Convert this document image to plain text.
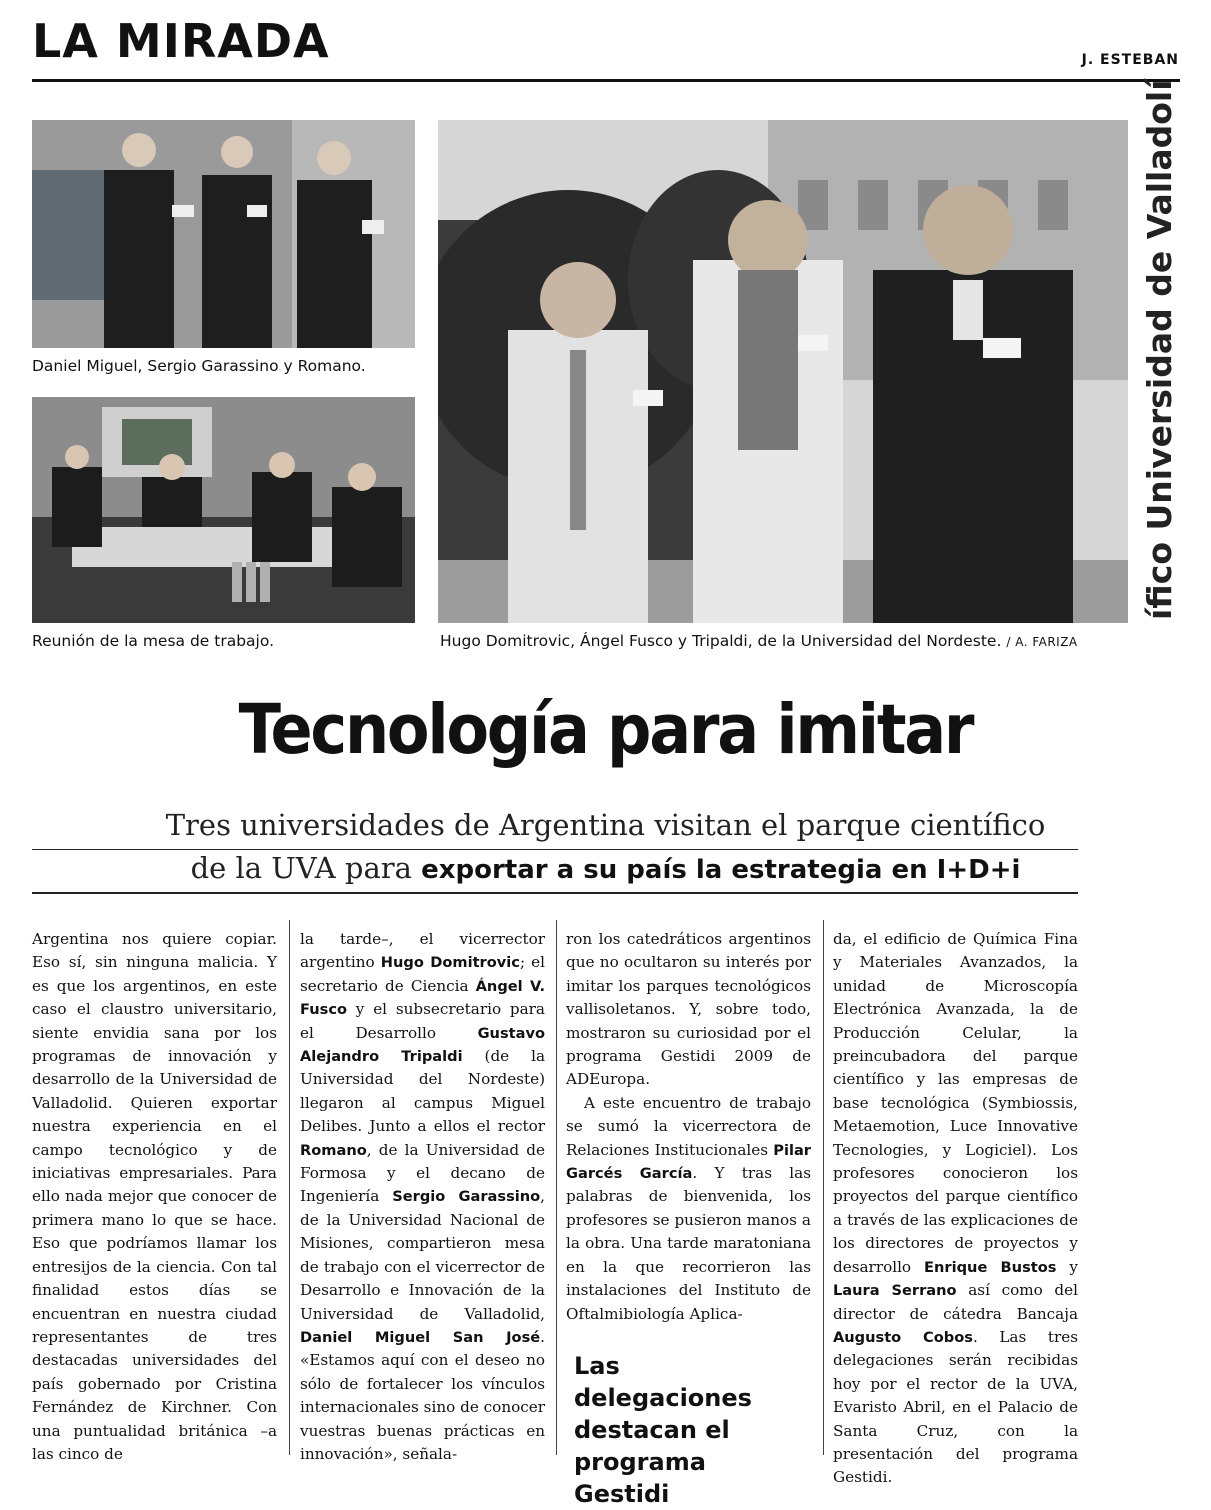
LA MIRADA	J. ESTEBAN
Daniel Miguel, Sergio Garassino y Romano.
Reunión de la mesa de trabajo.
ífico Universidad de Valladolí
Hugo Domitrovic, Ángel Fusco y Tripaldi, de la Universidad del Nordeste. / A. FARIZA
Tecnología para imitar
Tres universidades de Argentina visitan el parque científico
de la UVA para exportar a su país la estrategia en I+D+i

Argentina nos quiere copiar. Eso sí, sin ninguna malicia. Y es que los argentinos, en este caso el claustro universitario, siente envidia sana por los programas de innovación y desarrollo de la Universidad de Valladolid. Quieren exportar nuestra experiencia en el campo tecnológico y de iniciativas empresariales. Para ello nada mejor que conocer de primera mano lo que se hace. Eso que podríamos llamar los entresijos de la ciencia. Con tal finalidad estos días se encuentran en nuestra ciudad representantes de tres destacadas universidades del país gobernado por Cristina Fernández de Kirchner. Con una puntualidad británica –a las cinco de

la tarde–, el vicerrector argentino Hugo Domitrovic; el secretario de Ciencia Ángel V. Fusco y el subsecretario para el Desarrollo Gustavo Alejandro Tripaldi (de la Universidad del Nordeste) llegaron al campus Miguel Delibes. Junto a ellos el rector Romano, de la Universidad de Formosa y el decano de Ingeniería Sergio Garassino, de la Universidad Nacional de Misiones, compartieron mesa de trabajo con el vicerrector de Desarrollo e Innovación de la Universidad de Valladolid, Daniel Miguel San José. «Estamos aquí con el deseo no sólo de fortalecer los vínculos internacionales sino de conocer vuestras buenas prácticas en innovación», señala-

ron los catedráticos argentinos que no ocultaron su interés por imitar los parques tecnológicos vallisoletanos. Y, sobre todo, mostraron su curiosidad por el programa Gestidi 2009 de ADEuropa.

A este encuentro de trabajo se sumó la vicerrectora de Relaciones Institucionales Pilar Garcés García. Y tras las palabras de bienvenida, los profesores se pusieron manos a la obra. Una tarde maratoniana en la que recorrieron las instalaciones del Instituto de Oftalmibiología Aplica-

Las delegaciones destacan el programa Gestidi

da, el edificio de Química Fina y Materiales Avanzados, la unidad de Microscopía Electrónica Avanzada, la de Producción Celular, la preincubadora del parque científico y las empresas de base tecnológica (Symbiossis, Metaemotion, Luce Innovative Tecnologies, y Logiciel). Los profesores conocieron los proyectos del parque científico a través de las explicaciones de los directores de proyectos y desarrollo Enrique Bustos y Laura Serrano así como del director de cátedra Bancaja Augusto Cobos. Las tres delegaciones serán recibidas hoy por el rector de la UVA, Evaristo Abril, en el Palacio de Santa Cruz, con la presentación del programa Gestidi.
